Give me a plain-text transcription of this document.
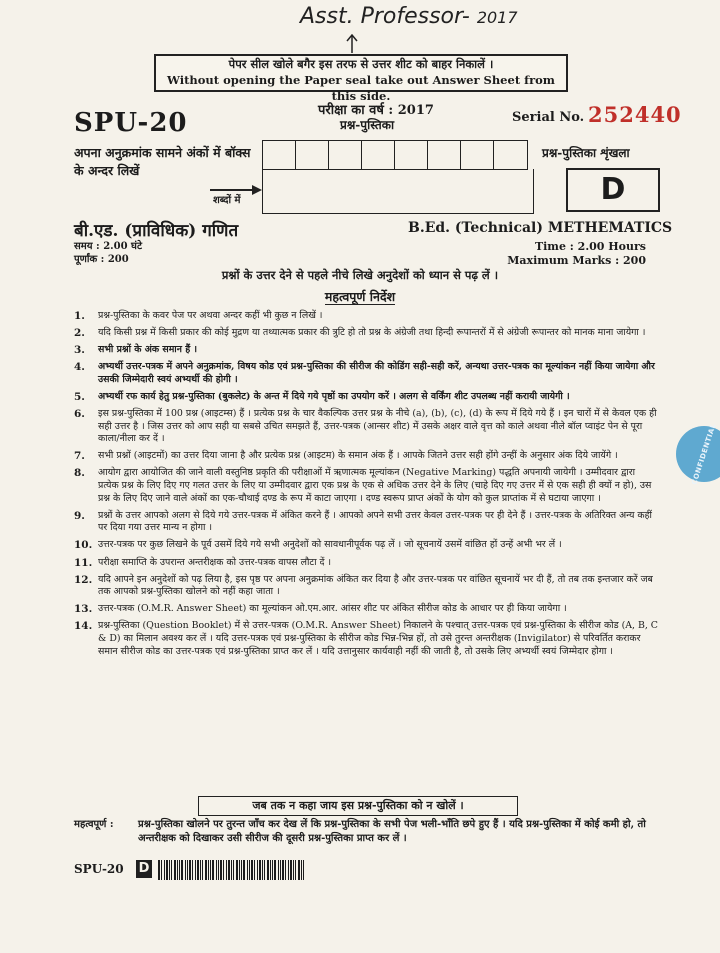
Asst. Professor- 2017
पेपर सील खोले बगैर इस तरफ से उत्तर शीट को बाहर निकालें ।
Without opening the Paper seal take out Answer Sheet from this side.
SPU-20	परीक्षा का वर्ष : 2017
प्रश्न-पुस्तिका	Serial No. 252440
अपना अनुक्रमांक सामने अंकों में बॉक्स के अन्दर लिखें
शब्दों में
प्रश्न-पुस्तिका शृंखला
D
बी.एड. (प्राविधिक) गणित	B.Ed. (Technical) METHEMATICS
समय : 2.00 घंटे
पूर्णांक : 200
Time : 2.00 Hours
Maximum Marks : 200
प्रश्नों के उत्तर देने से पहले नीचे लिखे अनुदेशों को ध्यान से पढ़ लें ।
महत्वपूर्ण निर्देश
1.	प्रश्न-पुस्तिका के कवर पेज पर अथवा अन्दर कहीं भी कुछ न लिखें ।
2.	यदि किसी प्रश्न में किसी प्रकार की कोई मुद्रण या तथ्यात्मक प्रकार की त्रुटि हो तो प्रश्न के अंग्रेजी तथा हिन्दी रूपान्तरों में से अंग्रेजी रूपान्तर को मानक माना जायेगा ।
3.	सभी प्रश्नों के अंक समान हैं ।
4.	अभ्यर्थी उत्तर-पत्रक में अपने अनुक्रमांक, विषय कोड एवं प्रश्न-पुस्तिका की सीरीज की कोडिंग सही-सही करें, अन्यथा उत्तर-पत्रक का मूल्यांकन नहीं किया जायेगा और उसकी जिम्मेदारी स्वयं अभ्यर्थी की होगी ।
5.	अभ्यर्थी रफ कार्य हेतु प्रश्न-पुस्तिका (बुकलेट) के अन्त में दिये गये पृष्ठों का उपयोग करें । अलग से वर्किंग शीट उपलब्ध नहीं करायी जायेगी ।
6.	इस प्रश्न-पुस्तिका में 100 प्रश्न (आइटम्स) हैं । प्रत्येक प्रश्न के चार वैकल्पिक उत्तर प्रश्न के नीचे (a), (b), (c), (d) के रूप में दिये गये हैं । इन चारों में से केवल एक ही सही उत्तर है । जिस उत्तर को आप सही या सबसे उचित समझते हैं, उत्तर-पत्रक (आन्सर शीट) में उसके अक्षर वाले वृत्त को काले अथवा नीले बॉल प्वाइंट पेन से पूरा काला/नीला कर दें ।
7.	सभी प्रश्नों (आइटमों) का उत्तर दिया जाना है और प्रत्येक प्रश्न (आइटम) के समान अंक हैं । आपके जितने उत्तर सही होंगे उन्हीं के अनुसार अंक दिये जायेंगे ।
8.	आयोग द्वारा आयोजित की जाने वाली वस्तुनिष्ठ प्रकृति की परीक्षाओं में ऋणात्मक मूल्यांकन (Negative Marking) पद्धति अपनायी जायेगी । उम्मीदवार द्वारा प्रत्येक प्रश्न के लिए दिए गए गलत उत्तर के लिए या उम्मीदवार द्वारा एक प्रश्न के एक से अधिक उत्तर देने के लिए (चाहे दिए गए उत्तर में से एक सही ही क्यों न हो), उस प्रश्न के लिए दिए जाने वाले अंकों का एक-चौथाई दण्ड के रूप में काटा जाएगा । दण्ड स्वरूप प्राप्त अंकों के योग को कुल प्राप्तांक में से घटाया जाएगा ।
9.	प्रश्नों के उत्तर आपको अलग से दिये गये उत्तर-पत्रक में अंकित करने हैं । आपको अपने सभी उत्तर केवल उत्तर-पत्रक पर ही देने हैं । उत्तर-पत्रक के अतिरिक्त अन्य कहीं पर दिया गया उत्तर मान्य न होगा ।
10. उत्तर-पत्रक पर कुछ लिखने के पूर्व उसमें दिये गये सभी अनुदेशों को सावधानीपूर्वक पढ़ लें । जो सूचनायें उसमें वांछित हों उन्हें अभी भर लें ।
11. परीक्षा समाप्ति के उपरान्त अन्तरीक्षक को उत्तर-पत्रक वापस लौटा दें ।
12. यदि आपने इन अनुदेशों को पढ़ लिया है, इस पृष्ठ पर अपना अनुक्रमांक अंकित कर दिया है और उत्तर-पत्रक पर वांछित सूचनायें भर दी हैं, तो तब तक इन्तजार करें जब तक आपको प्रश्न-पुस्तिका खोलने को नहीं कहा जाता ।
13. उत्तर-पत्रक (O.M.R. Answer Sheet) का मूल्यांकन ओ.एम.आर. आंसर शीट पर अंकित सीरीज कोड के आधार पर ही किया जायेगा ।
14. प्रश्न-पुस्तिका (Question Booklet) में से उत्तर-पत्रक (O.M.R. Answer Sheet) निकालने के पश्चात् उत्तर-पत्रक एवं प्रश्न-पुस्तिका के सीरीज कोड (A, B, C & D) का मिलान अवश्य कर लें । यदि उत्तर-पत्रक एवं प्रश्न-पुस्तिका के सीरीज कोड भिन्न-भिन्न हों, तो उसे तुरन्त अन्तरीक्षक (Invigilator) से परिवर्तित कराकर समान सीरीज कोड का उत्तर-पत्रक एवं प्रश्न-पुस्तिका प्राप्त कर लें । यदि उत्तानुसार कार्यवाही नहीं की जाती है, तो उसके लिए अभ्यर्थी स्वयं जिम्मेदार होगा ।
जब तक न कहा जाय इस प्रश्न-पुस्तिका को न खोलें ।
महत्वपूर्ण :	प्रश्न-पुस्तिका खोलने पर तुरन्त जाँच कर देख लें कि प्रश्न-पुस्तिका के सभी पेज भली-भाँति छपे हुए हैं । यदि प्रश्न-पुस्तिका में कोई कमी हो, तो अन्तरीक्षक को दिखाकर उसी सीरीज की दूसरी प्रश्न-पुस्तिका प्राप्त कर लें ।
SPU-20 D
CONFIDENTIAL
